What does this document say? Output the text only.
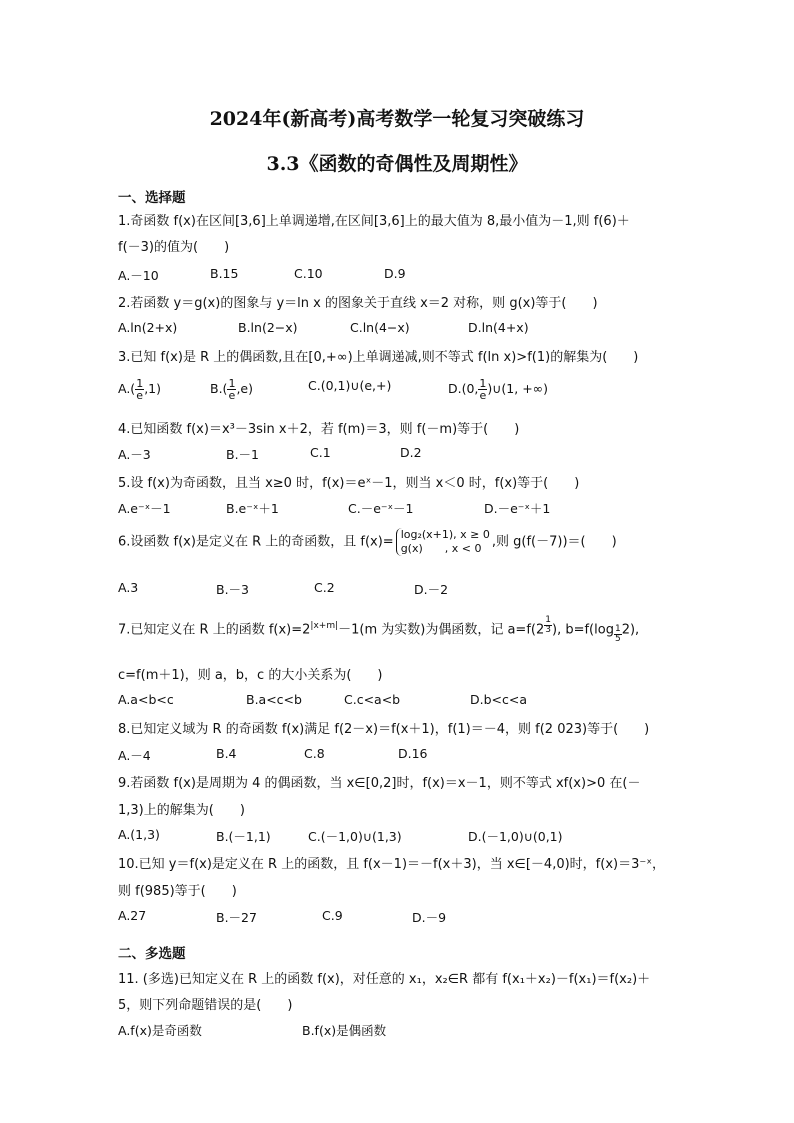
2024年(新高考)高考数学一轮复习突破练习
3.3《函数的奇偶性及周期性》
一、选择题
1.奇函数 f(x)在区间[3,6]上单调递增,在区间[3,6]上的最大值为 8,最小值为－1,则 f(6)＋
f(－3)的值为(　　)
A.－10	B.15	C.10	D.9
2.若函数 y＝g(x)的图象与 y＝ln x 的图象关于直线 x＝2 对称，则 g(x)等于(　　)
A.ln(2+x)	B.ln(2−x)	C.ln(4−x)	D.ln(4+x)
3.已知 f(x)是 R 上的偶函数,且在[0,+∞)上单调递减,则不等式 f(ln x)>f(1)的解集为(　　)
$A.( \frac{1}{e} ,1)$	$B.( \frac{1}{e} ,e)$	C.(0,1)∪(e,+)	D.(0, $\frac{1}{e}$ )∪(1, +∞)
4.已知函数 f(x)＝x³－3sin x＋2，若 f(m)＝3，则 f(－m)等于(　　)
A.－3	B.－1	C.1	D.2
5.设 f(x)为奇函数，且当 x≥0 时，f(x)＝eˣ－1，则当 x＜0 时，f(x)等于(　　)
A.e⁻ˣ－1	B.e⁻ˣ＋1	C.－e⁻ˣ－1	D.－e⁻ˣ＋1
6.设函数 f(x)是定义在 R 上的奇函数，且 f(x)= log₂(x+1), x ≥ 0
g(x)　　, x < 0 ,则 g(f(－7))＝(　　)
A.3	B.－3	C.2	D.－2
7.已知定义在 R 上的函数 $f(x)=2^{|x+m|}-1(m$ 为实数)为偶函数，记 a=f(2 $^{\frac{1}{3}}$ ), b=f(log $_{\frac{1}{5}}$ 2),
c=f(m＋1)，则 a，b，c 的大小关系为(　　)
A.a<b<c	B.a<c<b	C.c<a<b	D.b<c<a
8.已知定义域为 R 的奇函数 f(x)满足 f(2－x)＝f(x＋1)，f(1)＝－4，则 f(2 023)等于(　　)
A.－4	B.4	C.8	D.16
9.若函数 f(x)是周期为 4 的偶函数，当 x∈[0,2]时，f(x)＝x－1，则不等式 xf(x)>0 在(－
1,3)上的解集为(　　)
A.(1,3)	B.(－1,1)	C.(－1,0)∪(1,3)	D.(－1,0)∪(0,1)
10.已知 y＝f(x)是定义在 R 上的函数，且 f(x－1)＝－f(x＋3)，当 x∈[－4,0)时，f(x)＝3⁻ˣ，
则 f(985)等于(　　)
A.27	B.－27	C.9	D.－9
二、多选题
11. (多选)已知定义在 R 上的函数 f(x)，对任意的 x₁，x₂∈R 都有 f(x₁＋x₂)－f(x₁)＝f(x₂)＋
5，则下列命题错误的是(　　)
A.f(x)是奇函数	B.f(x)是偶函数
